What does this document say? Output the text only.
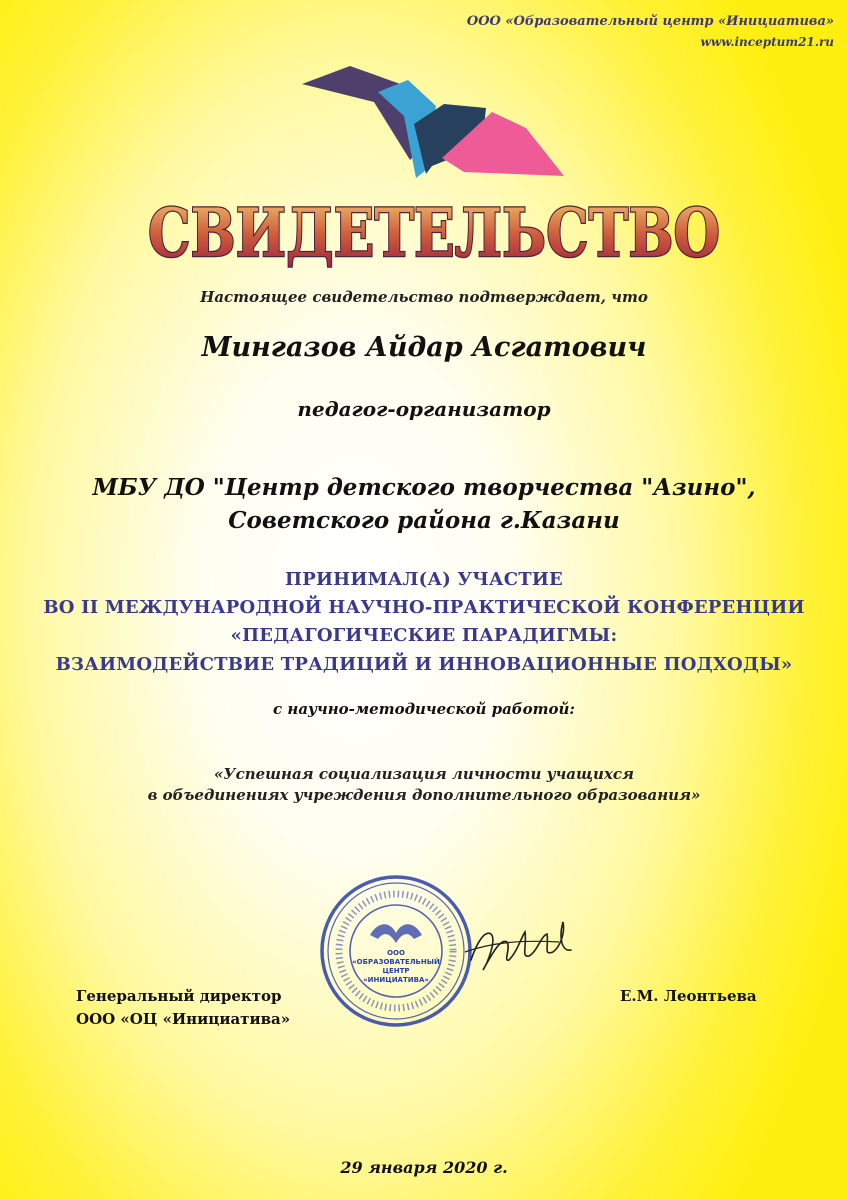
ООО «Образовательный центр «Инициатива»
www.inceptum21.ru
СВИДЕТЕЛЬСТВО
Настоящее свидетельство подтверждает, что
Мингазов Айдар Асгатович
педагог-организатор
МБУ ДО "Центр детского творчества "Азино",
Советского района г.Казани
ПРИНИМАЛ(А) УЧАСТИЕ
ВО II МЕЖДУНАРОДНОЙ НАУЧНО-ПРАКТИЧЕСКОЙ КОНФЕРЕНЦИИ
«ПЕДАГОГИЧЕСКИЕ ПАРАДИГМЫ:
ВЗАИМОДЕЙСТВИЕ ТРАДИЦИЙ И ИННОВАЦИОННЫЕ ПОДХОДЫ»
с научно-методической работой:
«Успешная социализация личности учащихся
в объединениях учреждения дополнительного образования»
ООО
«ОБРАЗОВАТЕЛЬНЫЙ
ЦЕНТР
«ИНИЦИАТИВА»
Генеральный директор
ООО «ОЦ «Инициатива»
Е.М. Леонтьева
29 января 2020 г.
